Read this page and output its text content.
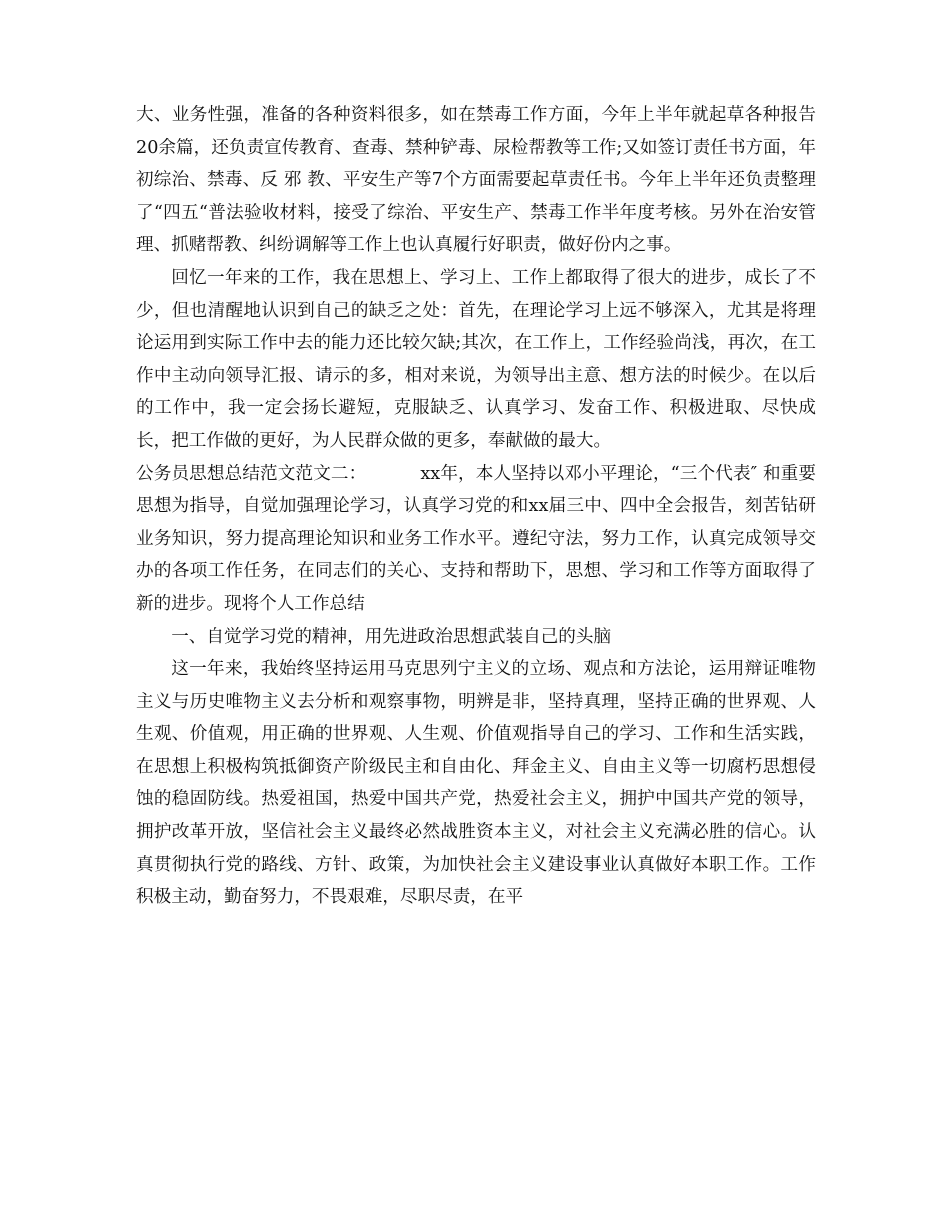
大、业务性强，准备的各种资料很多，如在禁毒工作方面，今年上半年就起草各种报告20余篇，还负责宣传教育、查毒、禁种铲毒、尿检帮教等工作;又如签订责任书方面，年初综治、禁毒、反 邪 教、平安生产等7个方面需要起草责任书。今年上半年还负责整理了“四五“普法验收材料，接受了综治、平安生产、禁毒工作半年度考核。另外在治安管理、抓赌帮教、纠纷调解等工作上也认真履行好职责，做好份内之事。

回忆一年来的工作，我在思想上、学习上、工作上都取得了很大的进步，成长了不少，但也清醒地认识到自己的缺乏之处：首先，在理论学习上远不够深入，尤其是将理论运用到实际工作中去的能力还比较欠缺;其次，在工作上，工作经验尚浅，再次，在工作中主动向领导汇报、请示的多，相对来说，为领导出主意、想方法的时候少。在以后的工作中，我一定会扬长避短，克服缺乏、认真学习、发奋工作、积极进取、尽快成长，把工作做的更好，为人民群众做的更多，奉献做的最大。

公务员思想总结范文范文二：	xx年，本人坚持以邓小平理论，“三个代表″ 和重要思想为指导，自觉加强理论学习，认真学习党的和xx届三中、四中全会报告，刻苦钻研业务知识，努力提高理论知识和业务工作水平。遵纪守法，努力工作，认真完成领导交办的各项工作任务，在同志们的关心、支持和帮助下，思想、学习和工作等方面取得了新的进步。现将个人工作总结

一、自觉学习党的精神，用先进政治思想武装自己的头脑

这一年来，我始终坚持运用马克思列宁主义的立场、观点和方法论，运用辩证唯物主义与历史唯物主义去分析和观察事物，明辨是非，坚持真理，坚持正确的世界观、人生观、价值观，用正确的世界观、人生观、价值观指导自己的学习、工作和生活实践，在思想上积极构筑抵御资产阶级民主和自由化、拜金主义、自由主义等一切腐朽思想侵蚀的稳固防线。热爱祖国，热爱中国共产党，热爱社会主义，拥护中国共产党的领导，拥护改革开放，坚信社会主义最终必然战胜资本主义，对社会主义充满必胜的信心。认真贯彻执行党的路线、方针、政策，为加快社会主义建设事业认真做好本职工作。工作积极主动，勤奋努力，不畏艰难，尽职尽责，在平
